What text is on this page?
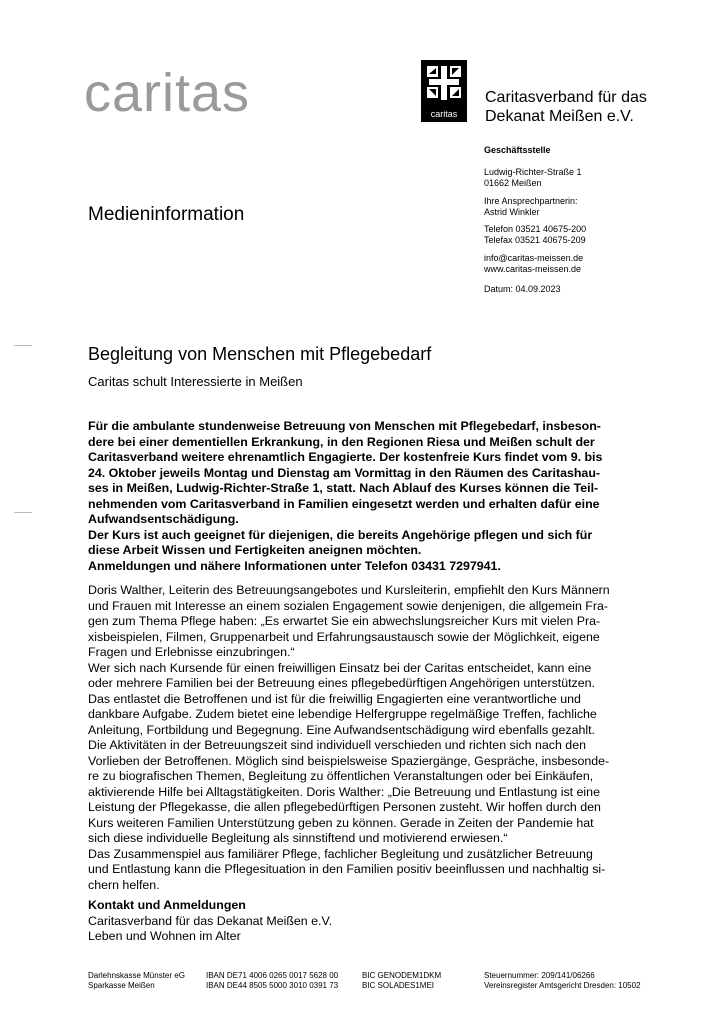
caritas	caritas
Caritasverband für das
Dekanat Meißen e.V.
Geschäftsstelle
Ludwig-Richter-Straße 1
01662 Meißen
Ihre Ansprechpartnerin:
Astrid Winkler
Telefon 03521 40675-200
Telefax 03521 40675-209
info@caritas-meissen.de
www.caritas-meissen.de
Datum: 04.09.2023
Medieninformation
Begleitung von Menschen mit Pflegebedarf
Caritas schult Interessierte in Meißen

Für die ambulante stundenweise Betreuung von Menschen mit Pflegebedarf, insbeson-

dere bei einer dementiellen Erkrankung, in den Regionen Riesa und Meißen schult der

Caritasverband weitere ehrenamtlich Engagierte. Der kostenfreie Kurs findet vom 9. bis

24. Oktober jeweils Montag und Dienstag am Vormittag in den Räumen des Caritashau-

ses in Meißen, Ludwig-Richter-Straße 1, statt. Nach Ablauf des Kurses können die Teil-

nehmenden vom Caritasverband in Familien eingesetzt werden und erhalten dafür eine

Aufwandsentschädigung.

Der Kurs ist auch geeignet für diejenigen, die bereits Angehörige pflegen und sich für

diese Arbeit Wissen und Fertigkeiten aneignen möchten.

Anmeldungen und nähere Informationen unter Telefon 03431 7297941.

Doris Walther, Leiterin des Betreuungsangebotes und Kursleiterin, empfiehlt den Kurs Männern

und Frauen mit Interesse an einem sozialen Engagement sowie denjenigen, die allgemein Fra-

gen zum Thema Pflege haben: „Es erwartet Sie ein abwechslungsreicher Kurs mit vielen Pra-

xisbeispielen, Filmen, Gruppenarbeit und Erfahrungsaustausch sowie der Möglichkeit, eigene

Fragen und Erlebnisse einzubringen.“

Wer sich nach Kursende für einen freiwilligen Einsatz bei der Caritas entscheidet, kann eine

oder mehrere Familien bei der Betreuung eines pflegebedürftigen Angehörigen unterstützen.

Das entlastet die Betroffenen und ist für die freiwillig Engagierten eine verantwortliche und

dankbare Aufgabe. Zudem bietet eine lebendige Helfergruppe regelmäßige Treffen, fachliche

Anleitung, Fortbildung und Begegnung. Eine Aufwandsentschädigung wird ebenfalls gezahlt.

Die Aktivitäten in der Betreuungszeit sind individuell verschieden und richten sich nach den

Vorlieben der Betroffenen. Möglich sind beispielsweise Spaziergänge, Gespräche, insbesonde-

re zu biografischen Themen, Begleitung zu öffentlichen Veranstaltungen oder bei Einkäufen,

aktivierende Hilfe bei Alltagstätigkeiten. Doris Walther: „Die Betreuung und Entlastung ist eine

Leistung der Pflegekasse, die allen pflegebedürftigen Personen zusteht. Wir hoffen durch den

Kurs weiteren Familien Unterstützung geben zu können. Gerade in Zeiten der Pandemie hat

sich diese individuelle Begleitung als sinnstiftend und motivierend erwiesen.“

Das Zusammenspiel aus familiärer Pflege, fachlicher Begleitung und zusätzlicher Betreuung

und Entlastung kann die Pflegesituation in den Familien positiv beeinflussen und nachhaltig si-

chern helfen.

Kontakt und Anmeldungen
Caritasverband für das Dekanat Meißen e.V.
Leben und Wohnen im Alter
Darlehnskasse Münster eG
Sparkasse Meißen
IBAN DE71 4006 0265 0017 5628 00
IBAN DE44 8505 5000 3010 0391 73
BIC GENODEM1DKM
BIC SOLADES1MEI
Steuernummer: 209/141/06266
Vereinsregister Amtsgericht Dresden: 10502
